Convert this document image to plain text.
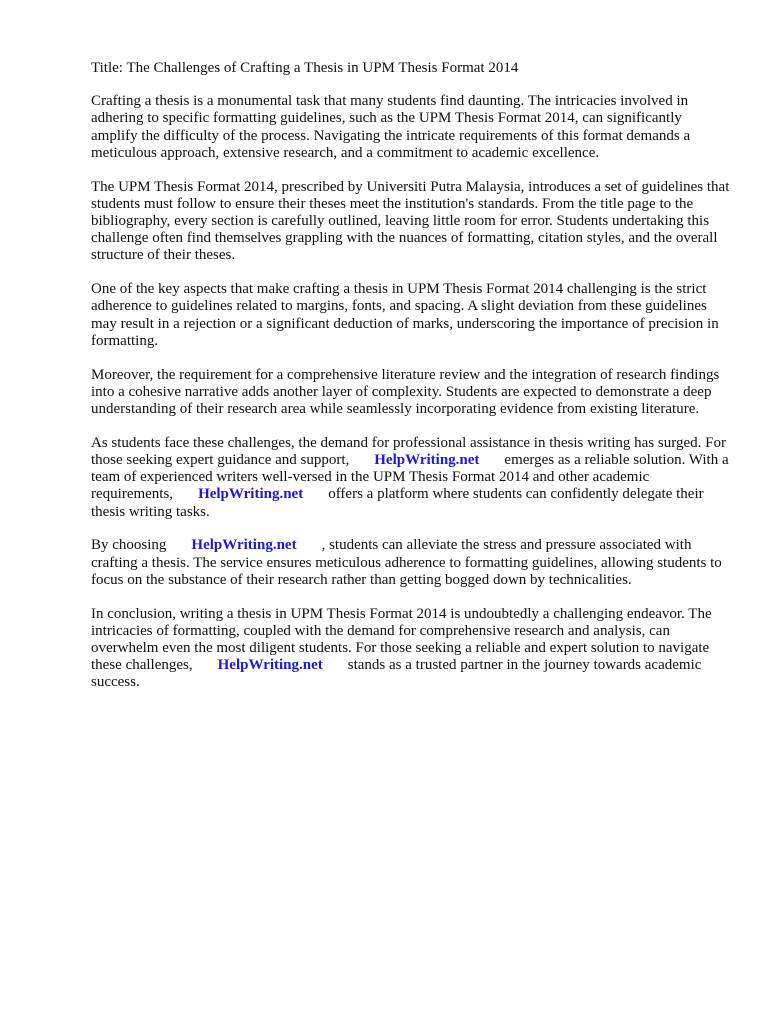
Title: The Challenges of Crafting a Thesis in UPM Thesis Format 2014

Crafting a thesis is a monumental task that many students find daunting. The intricacies involved in adhering to specific formatting guidelines, such as the UPM Thesis Format 2014, can significantly amplify the difficulty of the process. Navigating the intricate requirements of this format demands a meticulous approach, extensive research, and a commitment to academic excellence.

The UPM Thesis Format 2014, prescribed by Universiti Putra Malaysia, introduces a set of guidelines that students must follow to ensure their theses meet the institution's standards. From the title page to the bibliography, every section is carefully outlined, leaving little room for error. Students undertaking this challenge often find themselves grappling with the nuances of formatting, citation styles, and the overall structure of their theses.

One of the key aspects that make crafting a thesis in UPM Thesis Format 2014 challenging is the strict adherence to guidelines related to margins, fonts, and spacing. A slight deviation from these guidelines may result in a rejection or a significant deduction of marks, underscoring the importance of precision in formatting.

Moreover, the requirement for a comprehensive literature review and the integration of research findings into a cohesive narrative adds another layer of complexity. Students are expected to demonstrate a deep understanding of their research area while seamlessly incorporating evidence from existing literature.

As students face these challenges, the demand for professional assistance in thesis writing has surged. For those seeking expert guidance and support, HelpWriting.net emerges as a reliable solution. With a team of experienced writers well-versed in the UPM Thesis Format 2014 and other academic requirements, HelpWriting.net offers a platform where students can confidently delegate their thesis writing tasks.

By choosing HelpWriting.net , students can alleviate the stress and pressure associated with crafting a thesis. The service ensures meticulous adherence to formatting guidelines, allowing students to focus on the substance of their research rather than getting bogged down by technicalities.

In conclusion, writing a thesis in UPM Thesis Format 2014 is undoubtedly a challenging endeavor. The intricacies of formatting, coupled with the demand for comprehensive research and analysis, can overwhelm even the most diligent students. For those seeking a reliable and expert solution to navigate these challenges, HelpWriting.net stands as a trusted partner in the journey towards academic success.
